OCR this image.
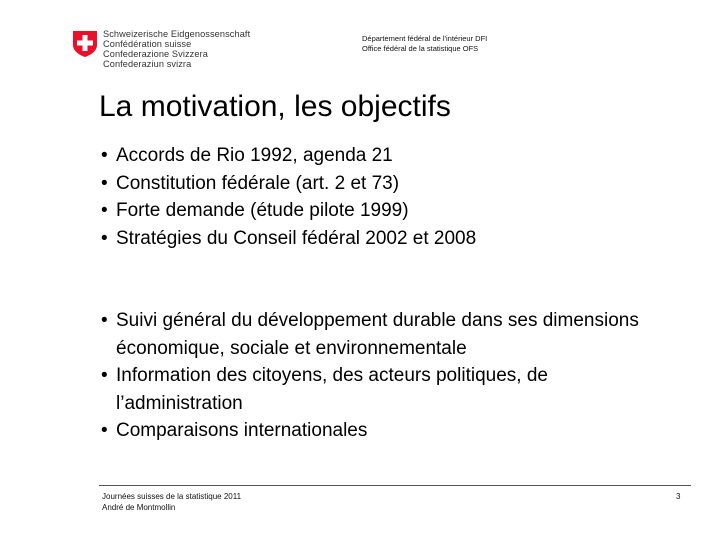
Schweizerische Eidgenossenschaft
Confédération suisse
Confederazione Svizzera
Confederaziun svizra
Département fédéral de l'intérieur DFI
Office fédéral de la statistique OFS
La motivation, les objectifs
• Accords de Rio 1992, agenda 21
• Constitution fédérale (art. 2 et 73)
• Forte demande (étude pilote 1999)
• Stratégies du Conseil fédéral 2002 et 2008
• Suivi général du développement durable dans ses dimensions économique, sociale et environnementale
• Information des citoyens, des acteurs politiques, de l’administration
• Comparaisons internationales
Journées suisses de la statistique 2011
André de Montmollin
3
